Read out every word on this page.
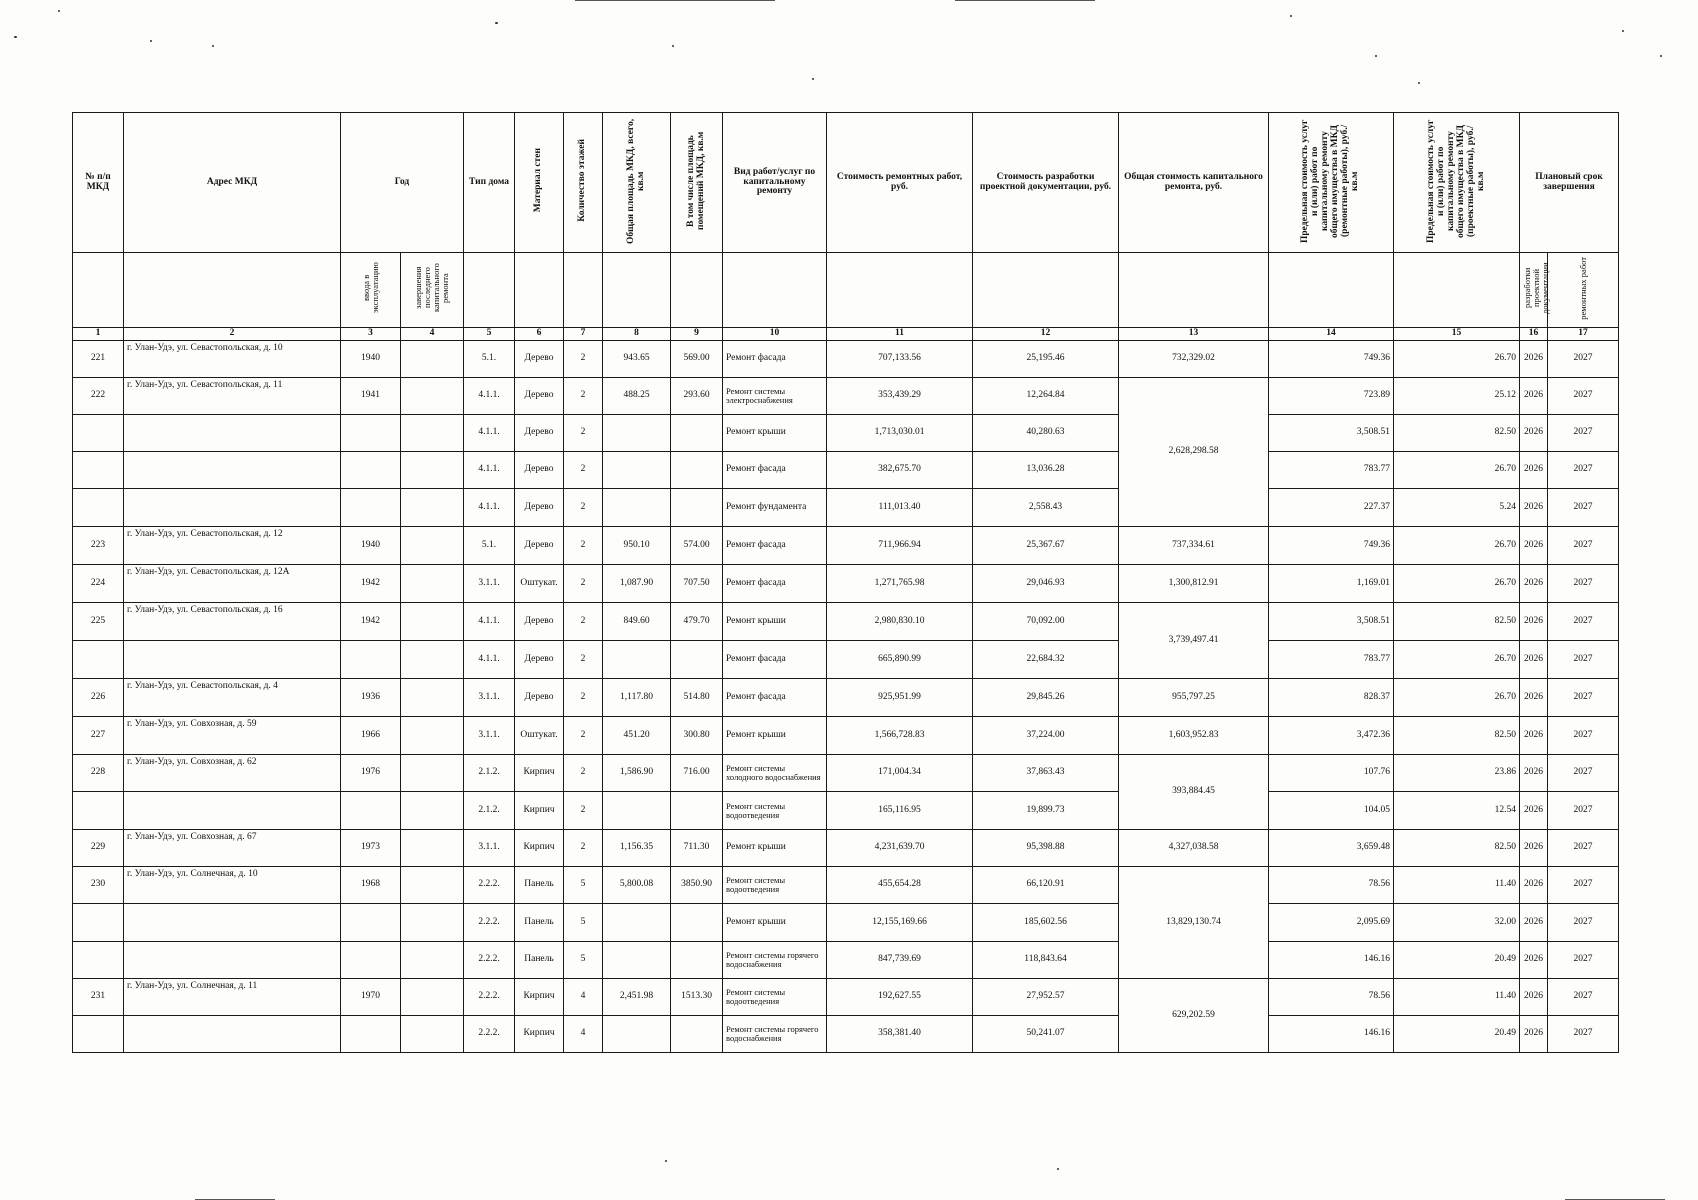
№ п/п МКД	Адрес МКД	Год		Тип дома	Материал стен	Количество этажей	Общая площадь МКД, всего, кв.м	В том числе площадь помещений МКД, кв.м	Вид работ/услуг по капитальному ремонту	Стоимость ремонтных работ, руб.	Стоимость разработки проектной документации, руб.	Общая стоимость капитального ремонта, руб.	Предельная стоимость услуг и (или) работ по капитальному ремонту общего имущества в МКД (ремонтные работы), руб./кв.м	Предельная стоимость услуг и (или) работ по капитальному ремонту общего имущества в МКД (проектные работы), руб./кв.м	Плановый срок завершения	
		ввода в эксплуатацию	завершения последнего капитального ремонта												разработки проектной документации	ремонтных работ
1	2	3	4	5	6	7	8	9	10	11	12	13	14	15	16	17
221	г. Улан-Удэ, ул. Севастопольская, д. 10	1940		5.1.	Дерево	2	943.65	569.00	Ремонт фасада	707,133.56	25,195.46	732,329.02	749.36	26.70	2026	2027
222	г. Улан-Удэ, ул. Севастопольская, д. 11	1941		4.1.1.	Дерево	2	488.25	293.60	Ремонт системы электроснабжения	353,439.29	12,264.84	2,628,298.58	723.89	25.12	2026	2027
				4.1.1.	Дерево	2			Ремонт крыши	1,713,030.01	40,280.63		3,508.51	82.50	2026	2027
				4.1.1.	Дерево	2			Ремонт фасада	382,675.70	13,036.28		783.77	26.70	2026	2027
				4.1.1.	Дерево	2			Ремонт фундамента	111,013.40	2,558.43		227.37	5.24	2026	2027
223	г. Улан-Удэ, ул. Севастопольская, д. 12	1940		5.1.	Дерево	2	950.10	574.00	Ремонт фасада	711,966.94	25,367.67	737,334.61	749.36	26.70	2026	2027
224	г. Улан-Удэ, ул. Севастопольская, д. 12А	1942		3.1.1.	Оштукат.	2	1,087.90	707.50	Ремонт фасада	1,271,765.98	29,046.93	1,300,812.91	1,169.01	26.70	2026	2027
225	г. Улан-Удэ, ул. Севастопольская, д. 16	1942		4.1.1.	Дерево	2	849.60	479.70	Ремонт крыши	2,980,830.10	70,092.00	3,739,497.41	3,508.51	82.50	2026	2027
				4.1.1.	Дерево	2			Ремонт фасада	665,890.99	22,684.32		783.77	26.70	2026	2027
226	г. Улан-Удэ, ул. Севастопольская, д. 4	1936		3.1.1.	Дерево	2	1,117.80	514.80	Ремонт фасада	925,951.99	29,845.26	955,797.25	828.37	26.70	2026	2027
227	г. Улан-Удэ, ул. Совхозная, д. 59	1966		3.1.1.	Оштукат.	2	451.20	300.80	Ремонт крыши	1,566,728.83	37,224.00	1,603,952.83	3,472.36	82.50	2026	2027
228	г. Улан-Удэ, ул. Совхозная, д. 62	1976		2.1.2.	Кирпич	2	1,586.90	716.00	Ремонт системы холодного водоснабжения	171,004.34	37,863.43	393,884.45	107.76	23.86	2026	2027
				2.1.2.	Кирпич	2			Ремонт системы водоотведения	165,116.95	19,899.73		104.05	12.54	2026	2027
229	г. Улан-Удэ, ул. Совхозная, д. 67	1973		3.1.1.	Кирпич	2	1,156.35	711.30	Ремонт крыши	4,231,639.70	95,398.88	4,327,038.58	3,659.48	82.50	2026	2027
230	г. Улан-Удэ, ул. Солнечная, д. 10	1968		2.2.2.	Панель	5	5,800.08	3850.90	Ремонт системы водоотведения	455,654.28	66,120.91	13,829,130.74	78.56	11.40	2026	2027
				2.2.2.	Панель	5			Ремонт крыши	12,155,169.66	185,602.56		2,095.69	32.00	2026	2027
				2.2.2.	Панель	5			Ремонт системы горячего водоснабжения	847,739.69	118,843.64		146.16	20.49	2026	2027
231	г. Улан-Удэ, ул. Солнечная, д. 11	1970		2.2.2.	Кирпич	4	2,451.98	1513.30	Ремонт системы водоотведения	192,627.55	27,952.57	629,202.59	78.56	11.40	2026	2027
				2.2.2.	Кирпич	4			Ремонт системы горячего водоснабжения	358,381.40	50,241.07		146.16	20.49	2026	2027
